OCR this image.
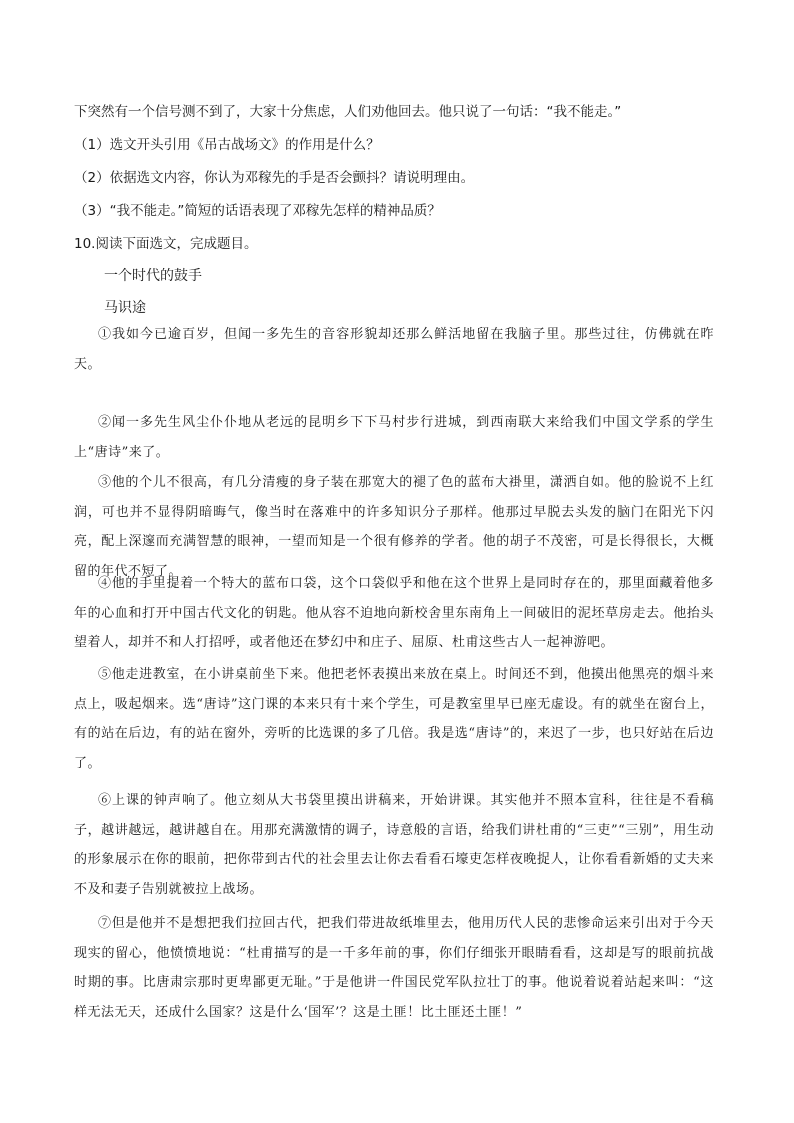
下突然有一个信号测不到了，大家十分焦虑，人们劝他回去。他只说了一句话：“我不能走。”
（1）选文开头引用《吊古战场文》的作用是什么？
（2）依据选文内容，你认为邓稼先的手是否会颤抖？请说明理由。
（3）“我不能走。”简短的话语表现了邓稼先怎样的精神品质？
10.阅读下面选文，完成题目。
一个时代的鼓手
马识途
①我如今已逾百岁，但闻一多先生的音容形貌却还那么鲜活地留在我脑子里。那些过往，仿佛就在昨天。
②闻一多先生风尘仆仆地从老远的昆明乡下下马村步行进城，到西南联大来给我们中国文学系的学生上“唐诗”来了。
③他的个儿不很高，有几分清瘦的身子装在那宽大的褪了色的蓝布大褂里，潇洒自如。他的脸说不上红润，可也并不显得阴暗晦气，像当时在落难中的许多知识分子那样。他那过早脱去头发的脑门在阳光下闪亮，配上深邃而充满智慧的眼神，一望而知是一个很有修养的学者。他的胡子不茂密，可是长得很长，大概留的年代不短了。
④他的手里提着一个特大的蓝布口袋，这个口袋似乎和他在这个世界上是同时存在的，那里面藏着他多年的心血和打开中国古代文化的钥匙。他从容不迫地向新校舍里东南角上一间破旧的泥坯草房走去。他抬头望着人，却并不和人打招呼，或者他还在梦幻中和庄子、屈原、杜甫这些古人一起神游吧。
⑤他走进教室，在小讲桌前坐下来。他把老怀表摸出来放在桌上。时间还不到，他摸出他黑亮的烟斗来点上，吸起烟来。选“唐诗”这门课的本来只有十来个学生，可是教室里早已座无虚设。有的就坐在窗台上，有的站在后边，有的站在窗外，旁听的比选课的多了几倍。我是选“唐诗”的，来迟了一步，也只好站在后边了。
⑥上课的钟声响了。他立刻从大书袋里摸出讲稿来，开始讲课。其实他并不照本宣科，往往是不看稿子，越讲越远，越讲越自在。用那充满激情的调子，诗意般的言语，给我们讲杜甫的“三吏”“三别”，用生动的形象展示在你的眼前，把你带到古代的社会里去让你去看看石壕吏怎样夜晚捉人，让你看看新婚的丈夫来不及和妻子告别就被拉上战场。
⑦但是他并不是想把我们拉回古代，把我们带进故纸堆里去，他用历代人民的悲惨命运来引出对于今天现实的留心，他愤愤地说：“杜甫描写的是一千多年前的事，你们仔细张开眼睛看看，这却是写的眼前抗战时期的事。比唐肃宗那时更卑鄙更无耻。”于是他讲一件国民党军队拉壮丁的事。他说着说着站起来叫：“这样无法无天，还成什么国家？这是什么‘国军’？这是土匪！比土匪还土匪！”
